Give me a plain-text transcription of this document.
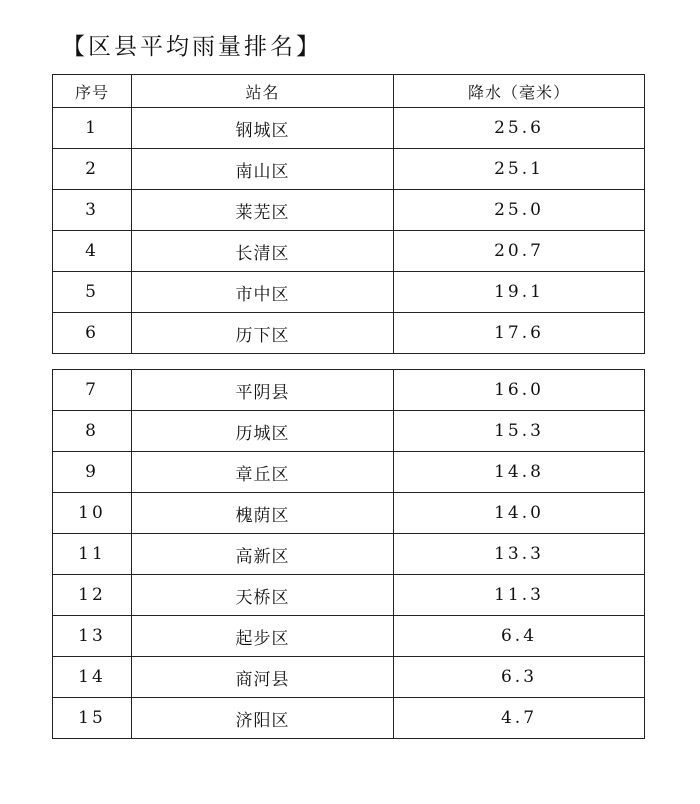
【区县平均雨量排名】
序号	站名	降水（毫米）
1	钢城区	25.6
2	南山区	25.1
3	莱芜区	25.0
4	长清区	20.7
5	市中区	19.1
6	历下区	17.6
7	平阴县	16.0
8	历城区	15.3
9	章丘区	14.8
10	槐荫区	14.0
11	高新区	13.3
12	天桥区	11.3
13	起步区	6.4
14	商河县	6.3
15	济阳区	4.7
